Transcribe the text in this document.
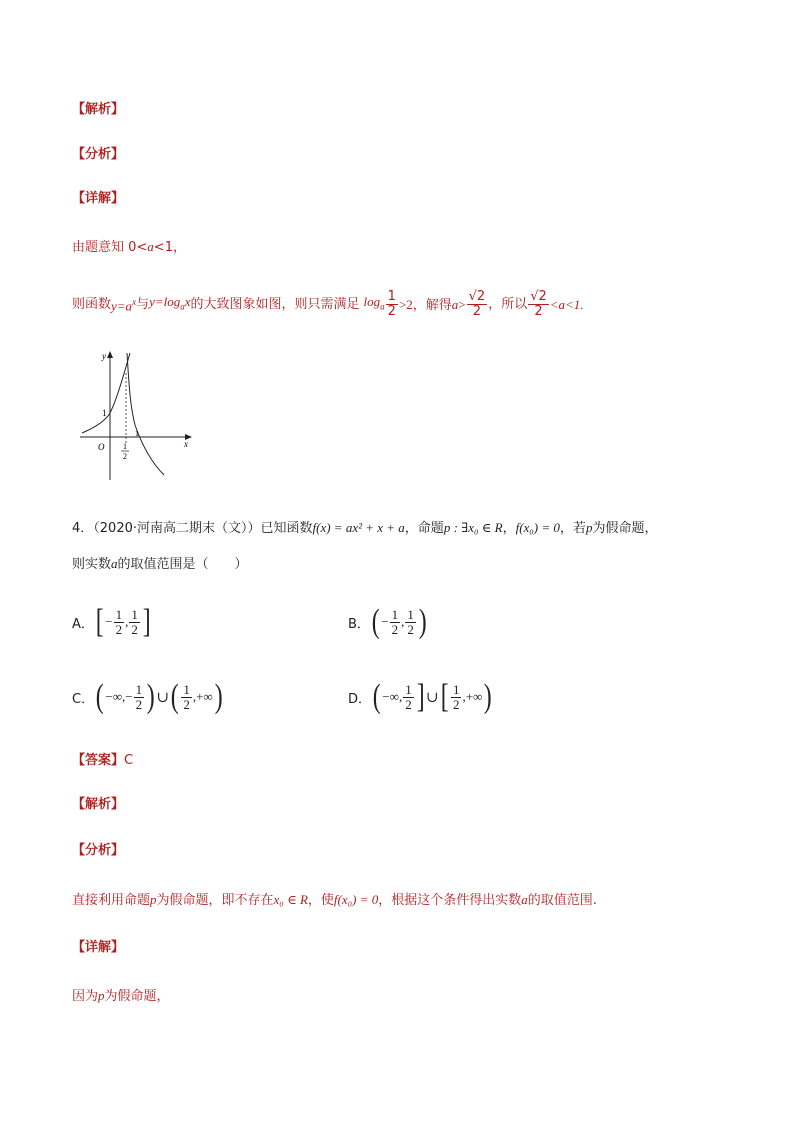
【解析】
【分析】
【详解】
由题意知 0<a<1，
则函数 $y=a^x$ 与 $y=\log_ax$ 的大致图象如图，则只需满足 $\log_a \frac{1}{2} >2$，解得 $a > \frac{√2}{2}$ ，所以 $\frac{√2}{2} <a<1$.
y
x
O
1
1
1
2
4．（2020·河南高二期末（文））已知函数f(x) = ax² + x + a，命题p : ∃x₀ ∈ R，f(x₀) = 0，若p为假命题，
则实数a的取值范围是（　　）
A． [ − $\frac{1}{2}$ , $\frac{1}{2}$ ]	B． ( − $\frac{1}{2}$ , $\frac{1}{2}$ )
C． ( −∞, − $\frac{1}{2}$ ) ∪ ( $\frac{1}{2}$ ,+∞ )	D． ( −∞, $\frac{1}{2}$ ] ∪ [ $\frac{1}{2}$ ,+∞ )
【答案】C
【解析】
【分析】
直接利用命题p为假命题，即不存在x₀ ∈ R，使f(x₀) = 0，根据这个条件得出实数a的取值范围.
【详解】
因为p为假命题，
